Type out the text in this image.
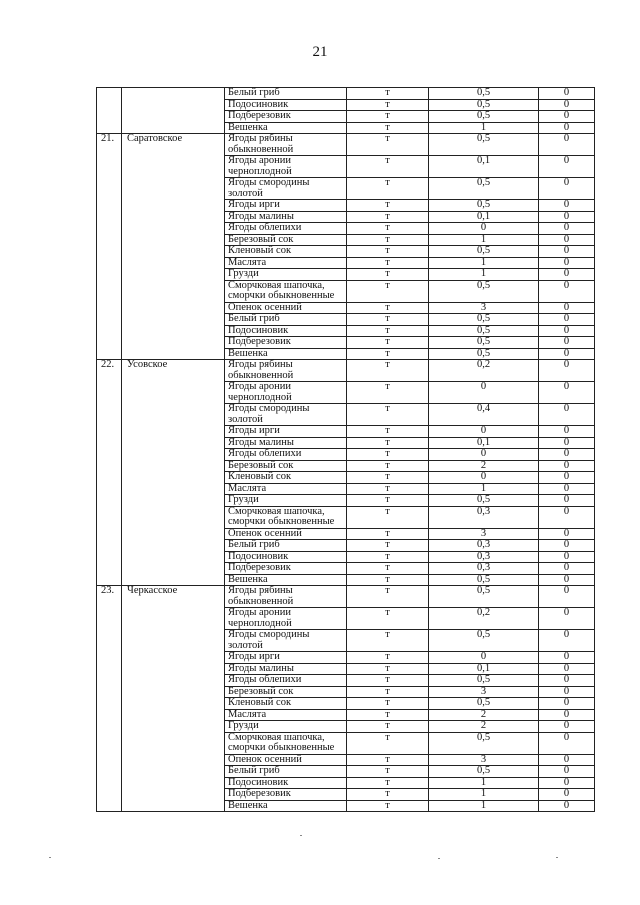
21
		Белый гриб	т	0,5	0
		Подосиновик	т	0,5	0
		Подберезовик	т	0,5	0
		Вешенка	т	1	0
21.	Саратовское	Ягоды рябины обыкновенной	т	0,5	0
		Ягоды аронии черноплодной	т	0,1	0
		Ягоды смородины золотой	т	0,5	0
		Ягоды ирги	т	0,5	0
		Ягоды малины	т	0,1	0
		Ягоды облепихи	т	0	0
		Березовый сок	т	1	0
		Кленовый сок	т	0,5	0
		Маслята	т	1	0
		Грузди	т	1	0
		Сморчковая шапочка, сморчки обыкновенные	т	0,5	0
		Опенок осенний	т	3	0
		Белый гриб	т	0,5	0
		Подосиновик	т	0,5	0
		Подберезовик	т	0,5	0
		Вешенка	т	0,5	0
22.	Усовское	Ягоды рябины обыкновенной	т	0,2	0
		Ягоды аронии черноплодной	т	0	0
		Ягоды смородины золотой	т	0,4	0
		Ягоды ирги	т	0	0
		Ягоды малины	т	0,1	0
		Ягоды облепихи	т	0	0
		Березовый сок	т	2	0
		Кленовый сок	т	0	0
		Маслята	т	1	0
		Грузди	т	0,5	0
		Сморчковая шапочка, сморчки обыкновенные	т	0,3	0
		Опенок осенний	т	3	0
		Белый гриб	т	0,3	0
		Подосиновик	т	0,3	0
		Подберезовик	т	0,3	0
		Вешенка	т	0,5	0
23.	Черкасское	Ягоды рябины обыкновенной	т	0,5	0
		Ягоды аронии черноплодной	т	0,2	0
		Ягоды смородины золотой	т	0,5	0
		Ягоды ирги	т	0	0
		Ягоды малины	т	0,1	0
		Ягоды облепихи	т	0,5	0
		Березовый сок	т	3	0
		Кленовый сок	т	0,5	0
		Маслята	т	2	0
		Грузди	т	2	0
		Сморчковая шапочка, сморчки обыкновенные	т	0,5	0
		Опенок осенний	т	3	0
		Белый гриб	т	0,5	0
		Подосиновик	т	1	0
		Подберезовик	т	1	0
		Вешенка	т	1	0
